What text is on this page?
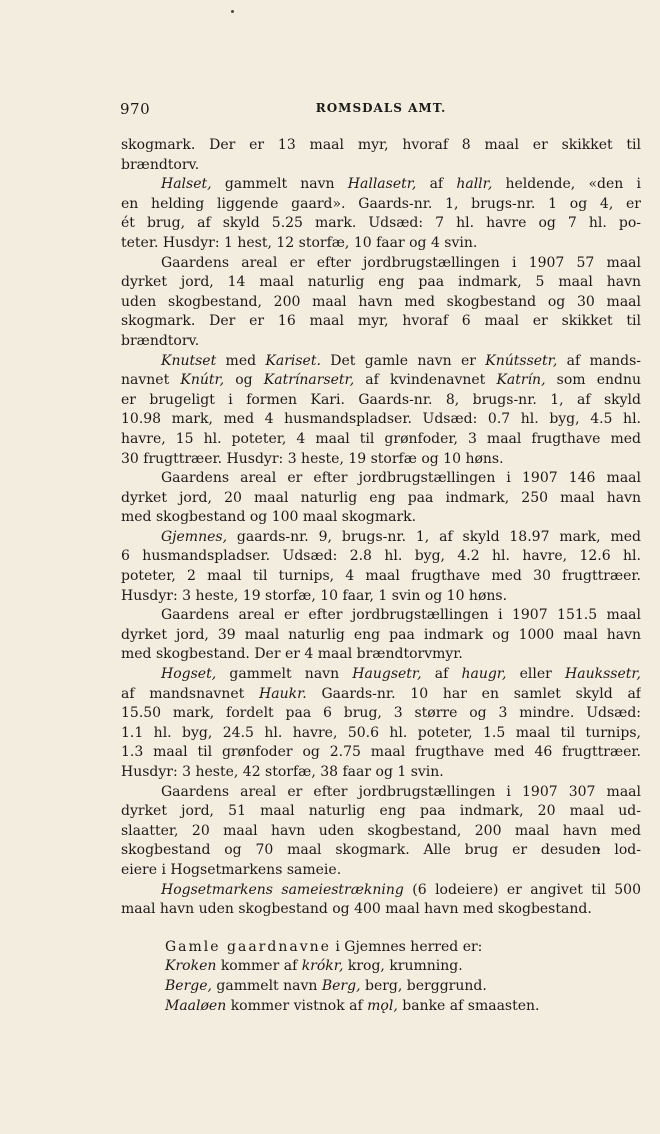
970	ROMSDALS AMT.
skogmark. Der er 13 maal myr, hvoraf 8 maal er skikket til
brændtorv.
Halset, gammelt navn Hallasetr, af hallr, heldende, «den i
en helding liggende gaard». Gaards-nr. 1, brugs-nr. 1 og 4, er
ét brug, af skyld 5.25 mark. Udsæd: 7 hl. havre og 7 hl. po-
teter. Husdyr: 1 hest, 12 storfæ, 10 faar og 4 svin.
Gaardens areal er efter jordbrugstællingen i 1907 57 maal
dyrket jord, 14 maal naturlig eng paa indmark, 5 maal havn
uden skogbestand, 200 maal havn med skogbestand og 30 maal
skogmark. Der er 16 maal myr, hvoraf 6 maal er skikket til
brændtorv.
Knutset med Kariset. Det gamle navn er Knútssetr, af mands-
navnet Knútr, og Katrínarsetr, af kvindenavnet Katrín, som endnu
er brugeligt i formen Kari. Gaards-nr. 8, brugs-nr. 1, af skyld
10.98 mark, med 4 husmandspladser. Udsæd: 0.7 hl. byg, 4.5 hl.
havre, 15 hl. poteter, 4 maal til grønfoder, 3 maal frugthave med
30 frugttræer. Husdyr: 3 heste, 19 storfæ og 10 høns.
Gaardens areal er efter jordbrugstællingen i 1907 146 maal
dyrket jord, 20 maal naturlig eng paa indmark, 250 maal havn
med skogbestand og 100 maal skogmark.
Gjemnes, gaards-nr. 9, brugs-nr. 1, af skyld 18.97 mark, med
6 husmandspladser. Udsæd: 2.8 hl. byg, 4.2 hl. havre, 12.6 hl.
poteter, 2 maal til turnips, 4 maal frugthave med 30 frugttræer.
Husdyr: 3 heste, 19 storfæ, 10 faar, 1 svin og 10 høns.
Gaardens areal er efter jordbrugstællingen i 1907 151.5 maal
dyrket jord, 39 maal naturlig eng paa indmark og 1000 maal havn
med skogbestand. Der er 4 maal brændtorvmyr.
Hogset, gammelt navn Haugsetr, af haugr, eller Haukssetr,
af mandsnavnet Haukr. Gaards-nr. 10 har en samlet skyld af
15.50 mark, fordelt paa 6 brug, 3 større og 3 mindre. Udsæd:
1.1 hl. byg, 24.5 hl. havre, 50.6 hl. poteter, 1.5 maal til turnips,
1.3 maal til grønfoder og 2.75 maal frugthave med 46 frugttræer.
Husdyr: 3 heste, 42 storfæ, 38 faar og 1 svin.
Gaardens areal er efter jordbrugstællingen i 1907 307 maal
dyrket jord, 51 maal naturlig eng paa indmark, 20 maal ud-
slaatter, 20 maal havn uden skogbestand, 200 maal havn med
skogbestand og 70 maal skogmark. Alle brug er desuden lod-
eiere i Hogsetmarkens sameie.
Hogsetmarkens sameiestrækning (6 lodeiere) er angivet til 500
maal havn uden skogbestand og 400 maal havn med skogbestand.
Gamle gaardnavne i Gjemnes herred er:
Kroken kommer af krókr, krog, krumning.
Berge, gammelt navn Berg, berg, berggrund.
Maaløen kommer vistnok af mǫl, banke af smaasten.
